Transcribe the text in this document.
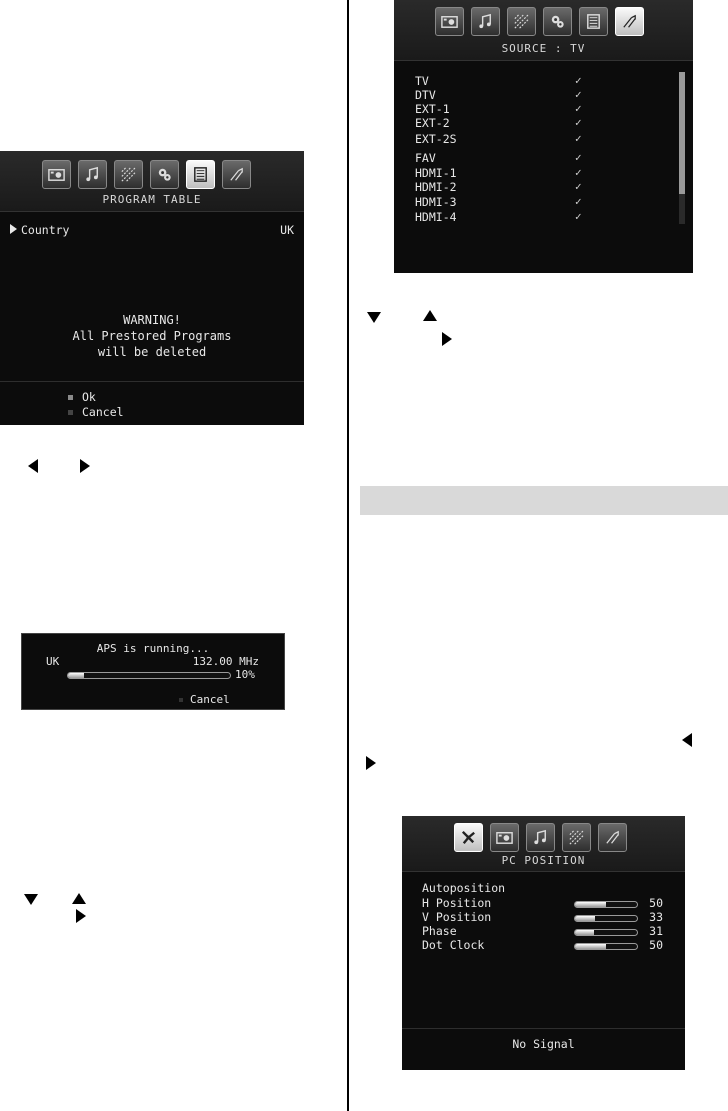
PROGRAM TABLE
Country	UK
WARNING!
All Prestored Programs
will be deleted
Ok
Cancel
APS is running...
UK	132.00 MHz
10%
Cancel
SOURCE : TV
TV	✓
DTV	✓
EXT-1	✓
EXT-2	✓
EXT-2S	✓
FAV	✓
HDMI-1	✓
HDMI-2	✓
HDMI-3	✓
HDMI-4	✓
PC POSITION
Autoposition
H Position	50
V Position	33
Phase	31
Dot Clock	50
No Signal
